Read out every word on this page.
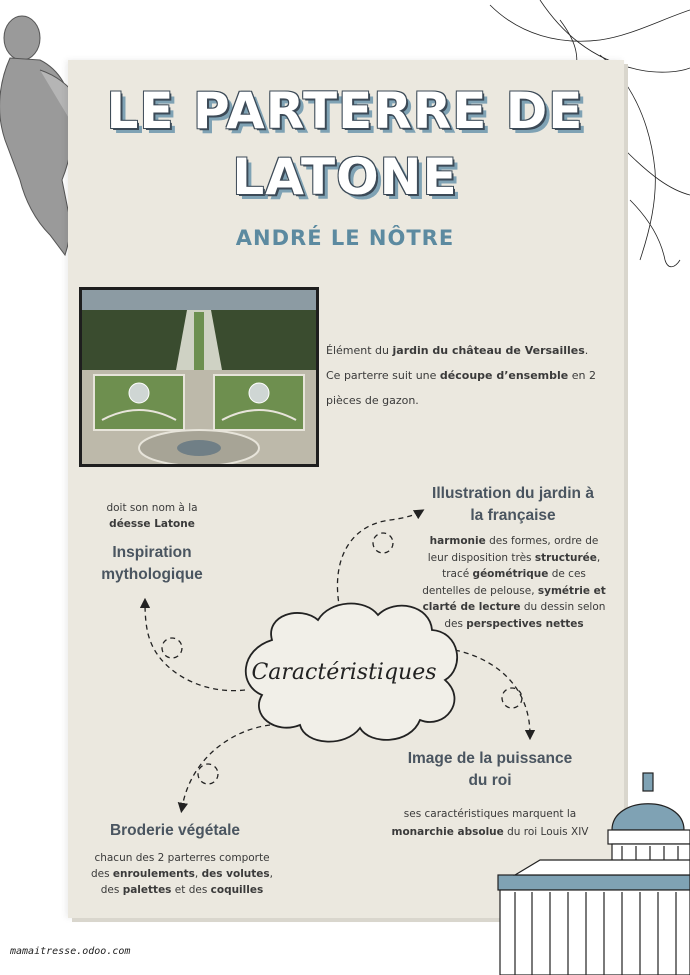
LE PARTERRE DE
LATONE
ANDRÉ LE NÔTRE
Élément du jardin du château de Versailles.
Ce parterre suit une découpe d’ensemble en 2 pièces de gazon.
Caractéristiques
doit son nom à la
déesse Latone
Inspiration
mythologique
Illustration du jardin à
la française
harmonie des formes, ordre de
leur disposition très structurée,
tracé géométrique de ces
dentelles de pelouse, symétrie et
clarté de lecture du dessin selon
des perspectives nettes
Image de la puissance
du roi
ses caractéristiques marquent la
monarchie absolue du roi Louis XIV
Broderie végétale
chacun des 2 parterres comporte
des enroulements, des volutes,
des palettes et des coquilles
mamaitresse.odoo.com
